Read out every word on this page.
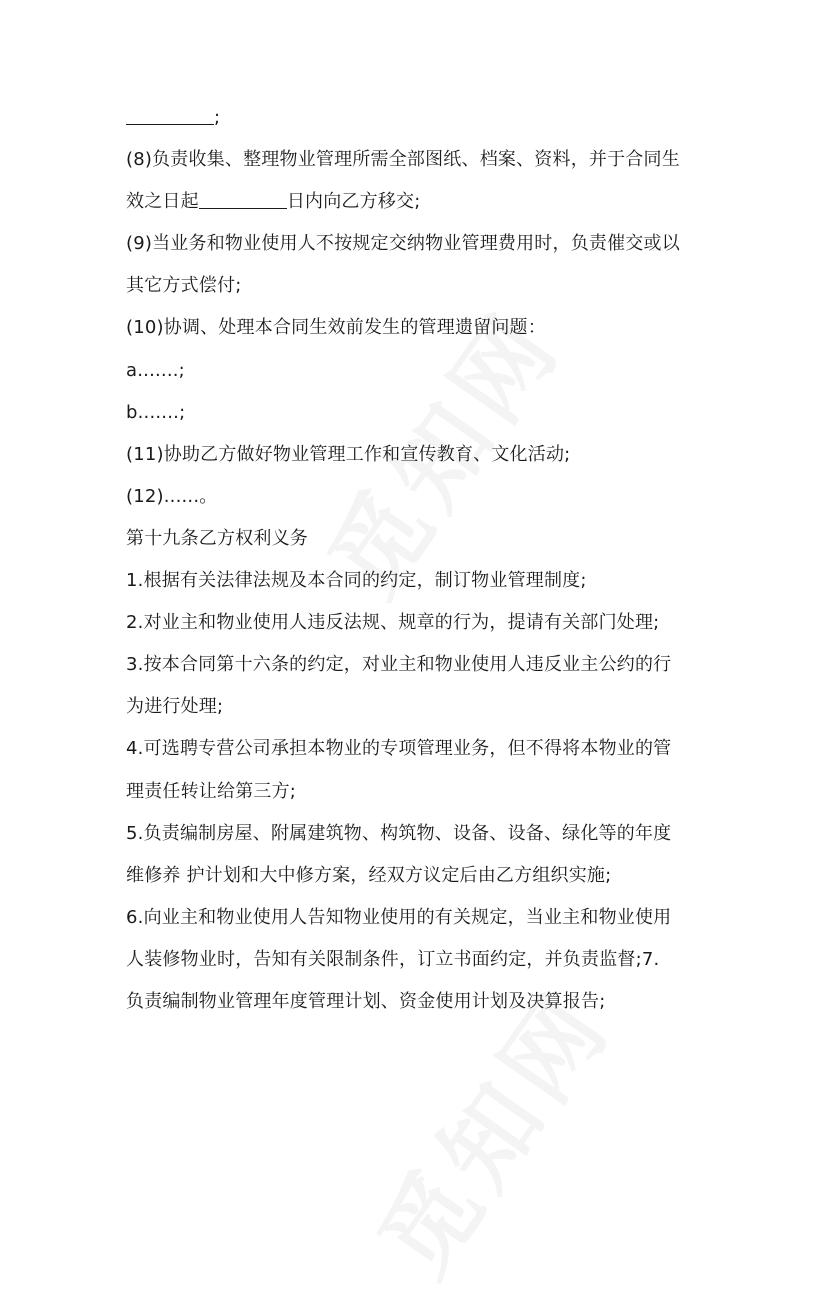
;
(8)负责收集、整理物业管理所需全部图纸、档案、资料，并于合同生
效之日起	日内向乙方移交;
(9)当业务和物业使用人不按规定交纳物业管理费用时，负责催交或以
其它方式偿付;
(10)协调、处理本合同生效前发生的管理遗留问题：
a.......;
b.......;
(11)协助乙方做好物业管理工作和宣传教育、文化活动;
(12)......。
第十九条乙方权利义务
1.根据有关法律法规及本合同的约定，制订物业管理制度;
2.对业主和物业使用人违反法规、规章的行为，提请有关部门处理;
3.按本合同第十六条的约定，对业主和物业使用人违反业主公约的行
为进行处理;
4.可选聘专营公司承担本物业的专项管理业务，但不得将本物业的管
理责任转让给第三方;
5.负责编制房屋、附属建筑物、构筑物、设备、设备、绿化等的年度
维修养 护计划和大中修方案，经双方议定后由乙方组织实施;
6.向业主和物业使用人告知物业使用的有关规定，当业主和物业使用
人装修物业时，告知有关限制条件，订立书面约定，并负责监督;7.
负责编制物业管理年度管理计划、资金使用计划及决算报告;
